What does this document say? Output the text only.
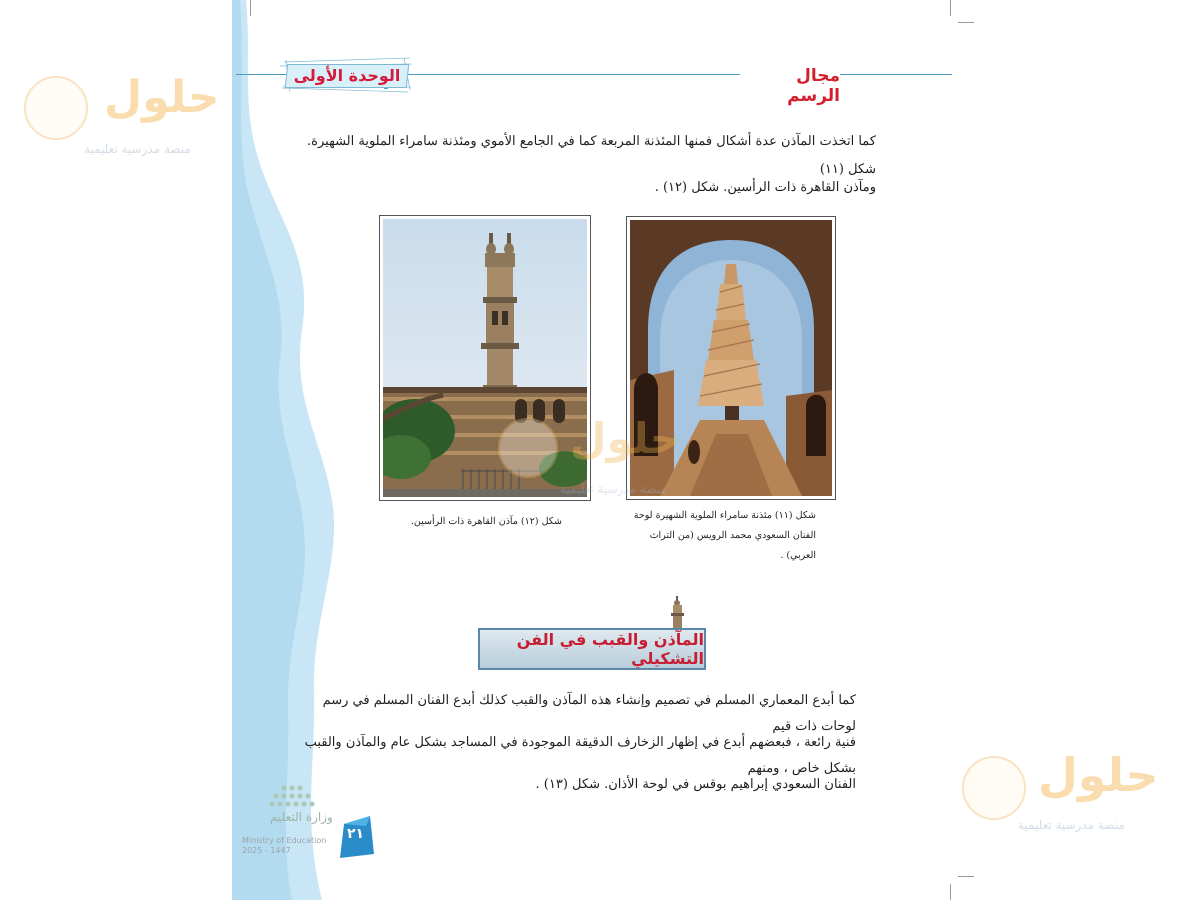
الوحدة الأولى	مجال الرسم

كما اتخذت المآذن عدة أشكال فمنها المئذنة المربعة كما في الجامع الأموي ومئذنة سامراء الملوية الشهيرة. شكل (١١)

ومآذن القاهرة ذات الرأسين. شكل (١٢) .

شكل (١٢) مآذن القاهرة ذات الرأسين.
شكل (١١) مئذنة سامراء الملوية الشهيرة لوحة
الفنان السعودي محمد الرويس (من التراث العربي) .
المآذن والقبب في الفن التشكيلي

كما أبدع المعماري المسلم في تصميم وإنشاء هذه المآذن والقبب كذلك أبدع الفنان المسلم في رسم لوحات ذات قيم

فنية رائعة ، فبعضهم أبدع في إظهار الزخارف الدقيقة الموجودة في المساجد بشكل عام والمآذن والقبب بشكل خاص ، ومنهم

الفنان السعودي إبراهيم بوقس في لوحة الأذان. شكل (١٣) .

حلول
منصة مدرسية تعليمية
حلول
منصة مدرسية تعليمية
حلول
منصة مدرسية تعليمية
وزارة التعليم
Ministry of Education
2025 - 1447
٢١
